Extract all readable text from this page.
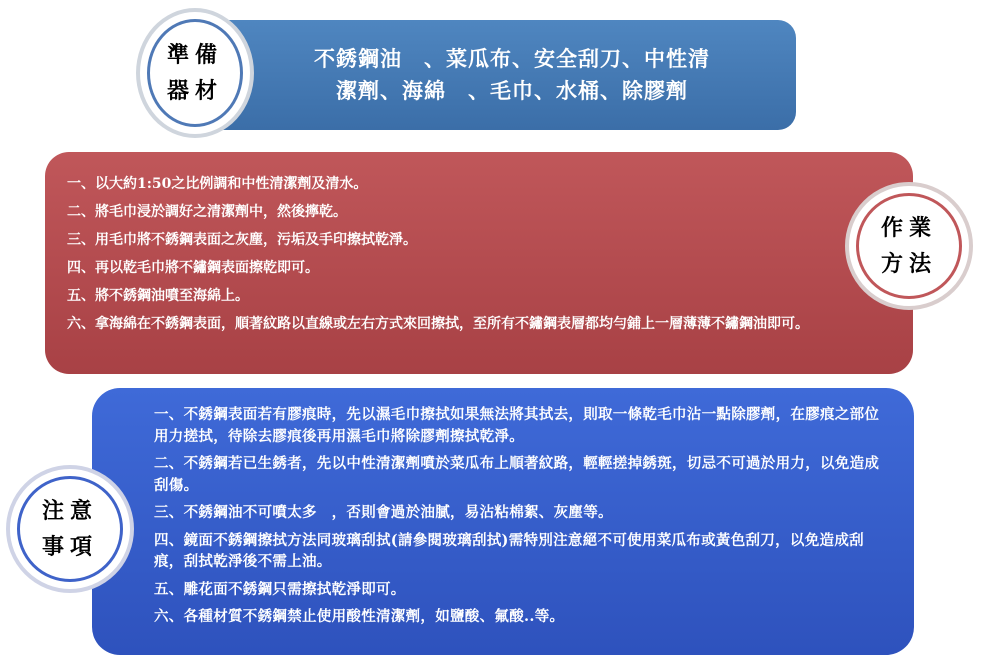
不銹鋼油　、菜瓜布、安全刮刀、中性清
潔劑、海綿　、毛巾、水桶、除膠劑
準備
器材
一、以大約1:50之比例調和中性清潔劑及清水。
二、將毛巾浸於調好之清潔劑中，然後擰乾。
三、用毛巾將不銹鋼表面之灰塵，污垢及手印擦拭乾淨。
四、再以乾毛巾將不鏽鋼表面擦乾即可。
五、將不銹鋼油噴至海綿上。
六、拿海綿在不銹鋼表面，順著紋路以直線或左右方式來回擦拭，至所有不鏽鋼表層都均勻鋪上一層薄薄不鏽鋼油即可。
作業
方法
一、不銹鋼表面若有膠痕時，先以濕毛巾擦拭如果無法將其拭去，則取一條乾毛巾沾一點除膠劑，在膠痕之部位用力搓拭，待除去膠痕後再用濕毛巾將除膠劑擦拭乾淨。
二、不銹鋼若已生銹者，先以中性清潔劑噴於菜瓜布上順著紋路，輕輕搓掉銹斑，切忌不可過於用力，以免造成刮傷。
三、不銹鋼油不可噴太多　，否則會過於油膩，易沾粘棉絮、灰塵等。
四、鏡面不銹鋼擦拭方法同玻璃刮拭(請參閱玻璃刮拭)需特別注意絕不可使用菜瓜布或黃色刮刀，以免造成刮痕，刮拭乾淨後不需上油。
五、雕花面不銹鋼只需擦拭乾淨即可。
六、各種材質不銹鋼禁止使用酸性清潔劑，如鹽酸、氟酸..等。
注意
事項
